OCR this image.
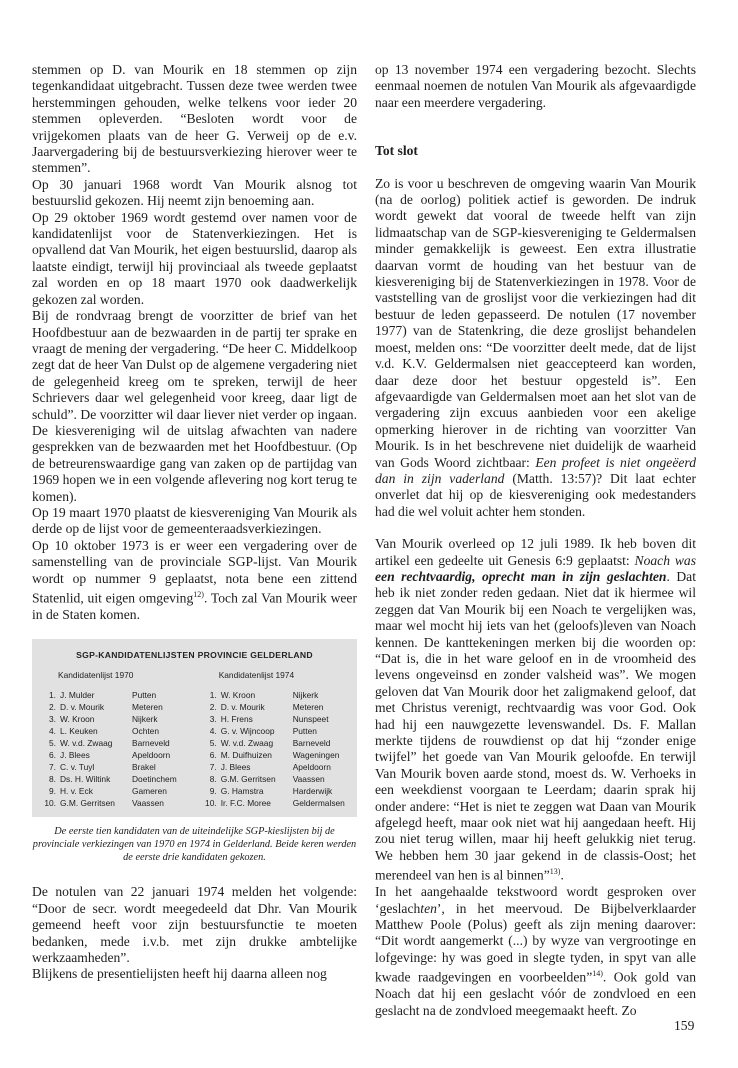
stemmen op D. van Mourik en 18 stemmen op zijn tegenkandidaat uitgebracht. Tussen deze twee werden twee herstemmingen gehouden, welke telkens voor ieder 20 stemmen opleverden. “Besloten wordt voor de vrijgekomen plaats van de heer G. Verweij op de e.v. Jaarvergadering bij de bestuursverkiezing hierover weer te stemmen”.

Op 30 januari 1968 wordt Van Mourik alsnog tot bestuurslid gekozen. Hij neemt zijn benoeming aan.

Op 29 oktober 1969 wordt gestemd over namen voor de kandidatenlijst voor de Statenverkiezingen. Het is opvallend dat Van Mourik, het eigen bestuurslid, daarop als laatste eindigt, terwijl hij provinciaal als tweede geplaatst zal worden en op 18 maart 1970 ook daadwerkelijk gekozen zal worden.

Bij de rondvraag brengt de voorzitter de brief van het Hoofdbestuur aan de bezwaarden in de partij ter sprake en vraagt de mening der vergadering. “De heer C. Middelkoop zegt dat de heer Van Dulst op de algemene vergadering niet de gelegenheid kreeg om te spreken, terwijl de heer Schrievers daar wel gelegenheid voor kreeg, daar ligt de schuld”. De voorzitter wil daar liever niet verder op ingaan. De kiesvereniging wil de uitslag afwachten van nadere gesprekken van de bezwaarden met het Hoofdbestuur. (Op de betreurenswaardige gang van zaken op de partijdag van 1969 hopen we in een volgende aflevering nog kort terug te komen).

Op 19 maart 1970 plaatst de kiesvereniging Van Mourik als derde op de lijst voor de gemeenteraadsverkiezingen.

Op 10 oktober 1973 is er weer een vergadering over de samenstelling van de provinciale SGP-lijst. Van Mourik wordt op nummer 9 geplaatst, nota bene een zittend Statenlid, uit eigen omgeving$^{12)}$. Toch zal Van Mourik weer in de Staten komen.

SGP-KANDIDATENLIJSTEN PROVINCIE GELDERLAND
Kandidatenlijst 1970
1. J. Mulder	Putten
2. D. v. Mourik	Meteren
3. W. Kroon	Nijkerk
4. L. Keuken	Ochten
5. W. v.d. Zwaag	Barneveld
6. J. Blees	Apeldoorn
7. C. v. Tuyl	Brakel
8. Ds. H. Wiltink	Doetinchem
9. H. v. Eck	Gameren
10. G.M. Gerritsen	Vaassen
Kandidatenlijst 1974
1. W. Kroon	Nijkerk
2. D. v. Mourik	Meteren
3. H. Frens	Nunspeet
4. G. v. Wijncoop	Putten
5. W. v.d. Zwaag	Barneveld
6. M. Duifhuizen	Wageningen
7. J. Blees	Apeldoorn
8. G.M. Gerritsen	Vaassen
9. G. Hamstra	Harderwijk
10. Ir. F.C. Moree	Geldermalsen
De eerste tien kandidaten van de uiteindelijke SGP-kieslijsten bij de provinciale verkiezingen van 1970 en 1974 in Gelderland. Beide keren werden de eerste drie kandidaten gekozen.

De notulen van 22 januari 1974 melden het volgende: “Door de secr. wordt meegedeeld dat Dhr. Van Mourik gemeend heeft voor zijn bestuursfunctie te moeten bedanken, mede i.v.b. met zijn drukke ambtelijke werkzaamheden”.

Blijkens de presentielijsten heeft hij daarna alleen nog

op 13 november 1974 een vergadering bezocht. Slechts eenmaal noemen de notulen Van Mourik als afgevaardigde naar een meerdere vergadering.

Tot slot

Zo is voor u beschreven de omgeving waarin Van Mourik (na de oorlog) politiek actief is geworden. De indruk wordt gewekt dat vooral de tweede helft van zijn lidmaatschap van de SGP-kiesvereniging te Geldermalsen minder gemakkelijk is geweest. Een extra illustratie daarvan vormt de houding van het bestuur van de kiesvereniging bij de Statenverkiezingen in 1978. Voor de vaststelling van de groslijst voor die verkiezingen had dit bestuur de leden gepasseerd. De notulen (17 november 1977) van de Statenkring, die deze groslijst behandelen moest, melden ons: “De voorzitter deelt mede, dat de lijst v.d. K.V. Geldermalsen niet geaccepteerd kan worden, daar deze door het bestuur opgesteld is”. Een afgevaardigde van Geldermalsen moet aan het slot van de vergadering zijn excuus aanbieden voor een akelige opmerking hierover in de richting van voorzitter Van Mourik. Is in het beschrevene niet duidelijk de waarheid van Gods Woord zichtbaar: Een profeet is niet ongeëerd dan in zijn vaderland (Matth. 13:57)? Dit laat echter onverlet dat hij op de kiesvereniging ook medestanders had die wel voluit achter hem stonden.

Van Mourik overleed op 12 juli 1989. Ik heb boven dit artikel een gedeelte uit Genesis 6:9 geplaatst: Noach was een rechtvaardig, oprecht man in zijn geslachten. Dat heb ik niet zonder reden gedaan. Niet dat ik hiermee wil zeggen dat Van Mourik bij een Noach te vergelijken was, maar wel mocht hij iets van het (geloofs)leven van Noach kennen. De kanttekeningen merken bij die woorden op: “Dat is, die in het ware geloof en in de vroomheid des levens ongeveinsd en zonder valsheid was”. We mogen geloven dat Van Mourik door het zaligmakend geloof, dat met Christus verenigt, rechtvaardig was voor God. Ook had hij een nauwgezette levenswandel. Ds. F. Mallan merkte tijdens de rouwdienst op dat hij “zonder enige twijfel” het goede van Van Mourik geloofde. En terwijl Van Mourik boven aarde stond, moest ds. W. Verhoeks in een weekdienst voorgaan te Leerdam; daarin sprak hij onder andere: “Het is niet te zeggen wat Daan van Mourik afgelegd heeft, maar ook niet wat hij aangedaan heeft. Hij zou niet terug willen, maar hij heeft gelukkig niet terug. We hebben hem 30 jaar gekend in de classis-Oost; het merendeel van hen is al binnen”$^{13)}$.

In het aangehaalde tekstwoord wordt gesproken over ‘geslachten’, in het meervoud. De Bijbelverklaarder Matthew Poole (Polus) geeft als zijn mening daarover: “Dit wordt aangemerkt (...) by wyze van vergrootinge en lofgevinge: hy was goed in slegte tyden, in spyt van alle kwade raadgevingen en voorbeelden”$^{14)}$. Ook gold van Noach dat hij een geslacht vóór de zondvloed en een geslacht na de zondvloed meegemaakt heeft. Zo

159
